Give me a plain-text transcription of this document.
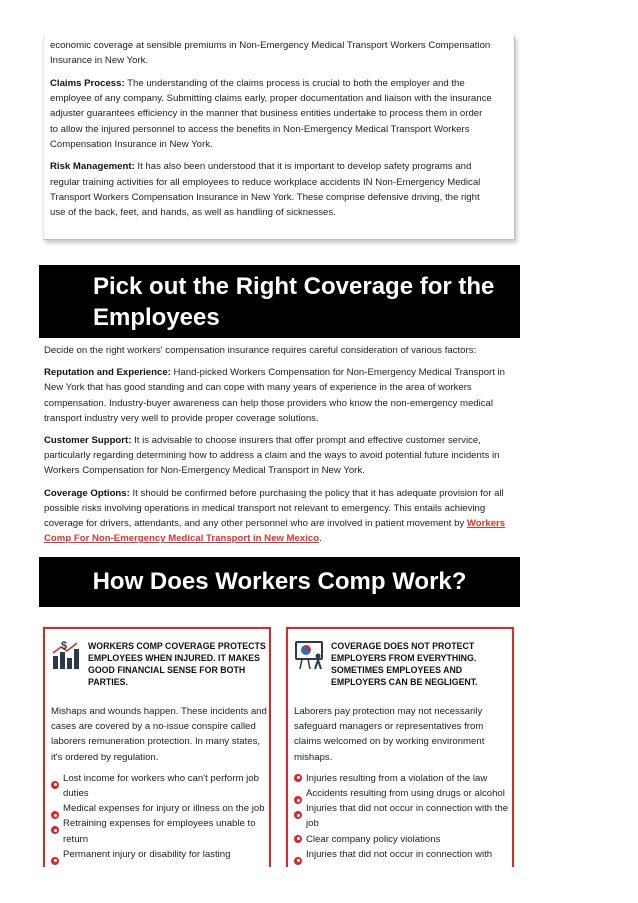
economic coverage at sensible premiums in Non-Emergency Medical Transport Workers Compensation Insurance in New York.

Claims Process: The understanding of the claims process is crucial to both the employer and the employee of any company. Submitting claims early, proper documentation and liaison with the insurance adjuster guarantees efficiency in the manner that business entities undertake to process them in order to allow the injured personnel to access the benefits in Non-Emergency Medical Transport Workers Compensation Insurance in New York.

Risk Management: It has also been understood that it is important to develop safety programs and regular training activities for all employees to reduce workplace accidents IN Non-Emergency Medical Transport Workers Compensation Insurance in New York. These comprise defensive driving, the right use of the back, feet, and hands, as well as handling of sicknesses.

Pick out the Right Coverage for the Employees

Decide on the right workers' compensation insurance requires careful consideration of various factors:

Reputation and Experience: Hand-picked Workers Compensation for Non-Emergency Medical Transport in New York that has good standing and can cope with many years of experience in the area of workers compensation. Industry-buyer awareness can help those providers who know the non-emergency medical transport industry very well to provide proper coverage solutions.

Customer Support: It is advisable to choose insurers that offer prompt and effective customer service, particularly regarding determining how to address a claim and the ways to avoid potential future incidents in Workers Compensation for Non-Emergency Medical Transport in New York.

Coverage Options: It should be confirmed before purchasing the policy that it has adequate provision for all possible risks involving operations in medical transport not relevant to emergency. This entails achieving coverage for drivers, attendants, and any other personnel who are involved in patient movement by Workers Comp For Non-Emergency Medical Transport in New Mexico.

How Does Workers Comp Work?
$ WORKERS COMP COVERAGE PROTECTS EMPLOYEES WHEN INJURED. IT MAKES GOOD FINANCIAL SENSE FOR BOTH PARTIES.

Mishaps and wounds happen. These incidents and cases are covered by a no-issue conspire called laborers remuneration protection. In many states, it's ordered by regulation.

Lost income for workers who can't perform job duties
Medical expenses for injury or illness on the job
Retraining expenses for employees unable to return
Permanent injury or disability for lasting
COVERAGE DOES NOT PROTECT EMPLOYERS FROM EVERYTHING. SOMETIMES EMPLOYEES AND EMPLOYERS CAN BE NEGLIGENT.

Laborers pay protection may not necessarily safeguard managers or representatives from claims welcomed on by working environment mishaps.

Injuries resulting from a violation of the law
Accidents resulting from using drugs or alcohol
Injuries that did not occur in connection with the job
Clear company policy violations
Injuries that did not occur in connection with
